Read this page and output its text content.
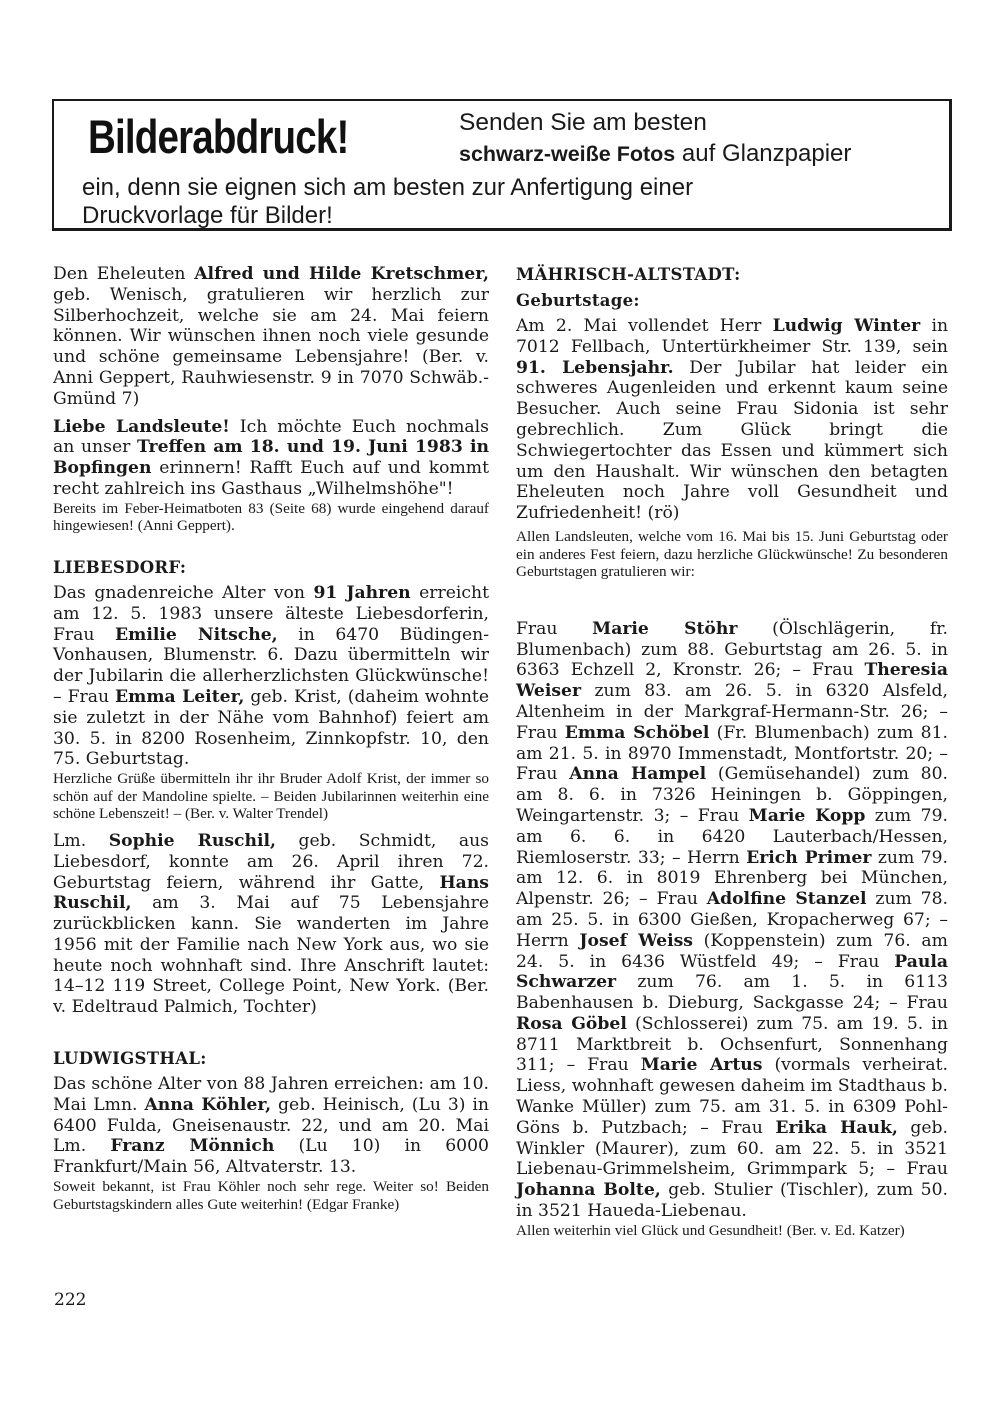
Bilderabdruck!	Senden Sie am besten
schwarz-weiße Fotos auf Glanzpapier
ein, denn sie eignen sich am besten zur Anfertigung einer
Druckvorlage für Bilder!

Den Eheleuten Alfred und Hilde Kretschmer, geb. Wenisch, gratulieren wir herzlich zur Silberhochzeit, welche sie am 24. Mai feiern können. Wir wünschen ihnen noch viele gesunde und schöne gemeinsame Lebensjahre! (Ber. v. Anni Geppert, Rauhwiesenstr. 9 in 7070 Schwäb.-Gmünd 7)

Liebe Landsleute! Ich möchte Euch nochmals an unser Treffen am 18. und 19. Juni 1983 in Bopfingen erinnern! Rafft Euch auf und kommt recht zahlreich ins Gasthaus „Wilhelmshöhe"!

Bereits im Feber-Heimatboten 83 (Seite 68) wurde eingehend darauf hingewiesen! (Anni Geppert).

LIEBESDORF:

Das gnadenreiche Alter von 91 Jahren erreicht am 12. 5. 1983 unsere älteste Liebesdorferin, Frau Emilie Nitsche, in 6470 Büdingen-Vonhausen, Blumenstr. 6. Dazu übermitteln wir der Jubilarin die allerherzlichsten Glückwünsche! – Frau Emma Leiter, geb. Krist, (daheim wohnte sie zuletzt in der Nähe vom Bahnhof) feiert am 30. 5. in 8200 Rosenheim, Zinnkopfstr. 10, den 75. Geburtstag.

Herzliche Grüße übermitteln ihr ihr Bruder Adolf Krist, der immer so schön auf der Mandoline spielte. – Beiden Jubilarinnen weiterhin eine schöne Lebenszeit! – (Ber. v. Walter Trendel)

Lm. Sophie Ruschil, geb. Schmidt, aus Liebesdorf, konnte am 26. April ihren 72. Geburtstag feiern, während ihr Gatte, Hans Ruschil, am 3. Mai auf 75 Lebensjahre zurückblicken kann. Sie wanderten im Jahre 1956 mit der Familie nach New York aus, wo sie heute noch wohnhaft sind. Ihre Anschrift lautet: 14–12 119 Street, College Point, New York. (Ber. v. Edeltraud Palmich, Tochter)

LUDWIGSTHAL:

Das schöne Alter von 88 Jahren erreichen: am 10. Mai Lmn. Anna Köhler, geb. Heinisch, (Lu 3) in 6400 Fulda, Gneisenaustr. 22, und am 20. Mai Lm. Franz Mönnich (Lu 10) in 6000 Frankfurt/Main 56, Altvaterstr. 13.

Soweit bekannt, ist Frau Köhler noch sehr rege. Weiter so! Beiden Geburtstagskindern alles Gute weiterhin! (Edgar Franke)

MÄHRISCH-ALTSTADT:

Geburtstage:

Am 2. Mai vollendet Herr Ludwig Winter in 7012 Fellbach, Untertürkheimer Str. 139, sein 91. Lebensjahr. Der Jubilar hat leider ein schweres Augenleiden und erkennt kaum seine Besucher. Auch seine Frau Sidonia ist sehr gebrechlich. Zum Glück bringt die Schwiegertochter das Essen und kümmert sich um den Haushalt. Wir wünschen den betagten Eheleuten noch Jahre voll Gesundheit und Zufriedenheit! (rö)

Allen Landsleuten, welche vom 16. Mai bis 15. Juni Geburtstag oder ein anderes Fest feiern, dazu herzliche Glückwünsche! Zu besonderen Geburtstagen gratulieren wir:

Frau Marie Stöhr (Ölschlägerin, fr. Blumenbach) zum 88. Geburtstag am 26. 5. in 6363 Echzell 2, Kronstr. 26; – Frau Theresia Weiser zum 83. am 26. 5. in 6320 Alsfeld, Altenheim in der Markgraf-Hermann-Str. 26; – Frau Emma Schöbel (Fr. Blumenbach) zum 81. am 21. 5. in 8970 Immenstadt, Montfortstr. 20; – Frau Anna Hampel (Gemüsehandel) zum 80. am 8. 6. in 7326 Heiningen b. Göppingen, Weingartenstr. 3; – Frau Marie Kopp zum 79. am 6. 6. in 6420 Lauterbach/Hessen, Riemloserstr. 33; – Herrn Erich Primer zum 79. am 12. 6. in 8019 Ehrenberg bei München, Alpenstr. 26; – Frau Adolfine Stanzel zum 78. am 25. 5. in 6300 Gießen, Kropacherweg 67; – Herrn Josef Weiss (Koppenstein) zum 76. am 24. 5. in 6436 Wüstfeld 49; – Frau Paula Schwarzer zum 76. am 1. 5. in 6113 Babenhausen b. Dieburg, Sackgasse 24; – Frau Rosa Göbel (Schlosserei) zum 75. am 19. 5. in 8711 Marktbreit b. Ochsenfurt, Sonnenhang 311; – Frau Marie Artus (vormals verheirat. Liess, wohnhaft gewesen daheim im Stadthaus b. Wanke Müller) zum 75. am 31. 5. in 6309 Pohl-Göns b. Putzbach; – Frau Erika Hauk, geb. Winkler (Maurer), zum 60. am 22. 5. in 3521 Liebenau-Grimmelsheim, Grimmpark 5; – Frau Johanna Bolte, geb. Stulier (Tischler), zum 50. in 3521 Haueda-Liebenau.

Allen weiterhin viel Glück und Gesundheit! (Ber. v. Ed. Katzer)

222
